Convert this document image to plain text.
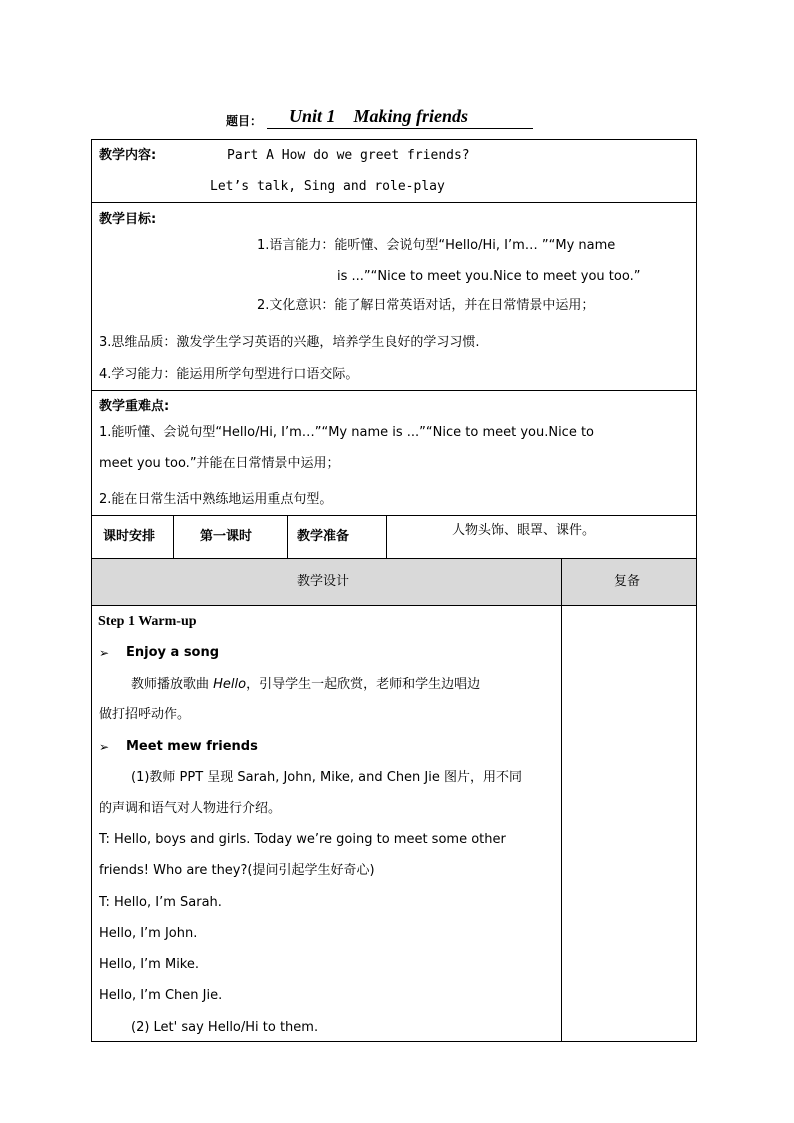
题目： Unit 1    Making friends
教学内容:	Part A How do we greet friends?
Let’s talk, Sing and role-play
教学目标:
1.语言能力：能听懂、会说句型“Hello/Hi, I’m… ”“My name
is ...”“Nice to meet you.Nice to meet you too.”
2.文化意识：能了解日常英语对话，并在日常情景中运用；
3.思维品质：激发学生学习英语的兴趣，培养学生良好的学习习惯.
4.学习能力：能运用所学句型进行口语交际。
教学重难点:
1.能听懂、会说句型“Hello/Hi, I’m…”“My name is ...”“Nice to meet you.Nice to
meet you too.”并能在日常情景中运用；
2.能在日常生活中熟练地运用重点句型。
课时安排	第一课时	教学准备	人物头饰、眼罩、课件。
教学设计	复备
Step 1 Warm-up
➢ Enjoy a song
教师播放歌曲 Hello，引导学生一起欣赏，老师和学生边唱边
做打招呼动作。
➢ Meet mew friends
(1)教师 PPT 呈现 Sarah, John, Mike, and Chen Jie 图片，用不同
的声调和语气对人物进行介绍。
T: Hello, boys and girls. Today we’re going to meet some other
friends! Who are they?(提问引起学生好奇心)
T: Hello, I’m Sarah.
Hello, I’m John.
Hello, I’m Mike.
Hello, I’m Chen Jie.
(2) Let' say Hello/Hi to them.
